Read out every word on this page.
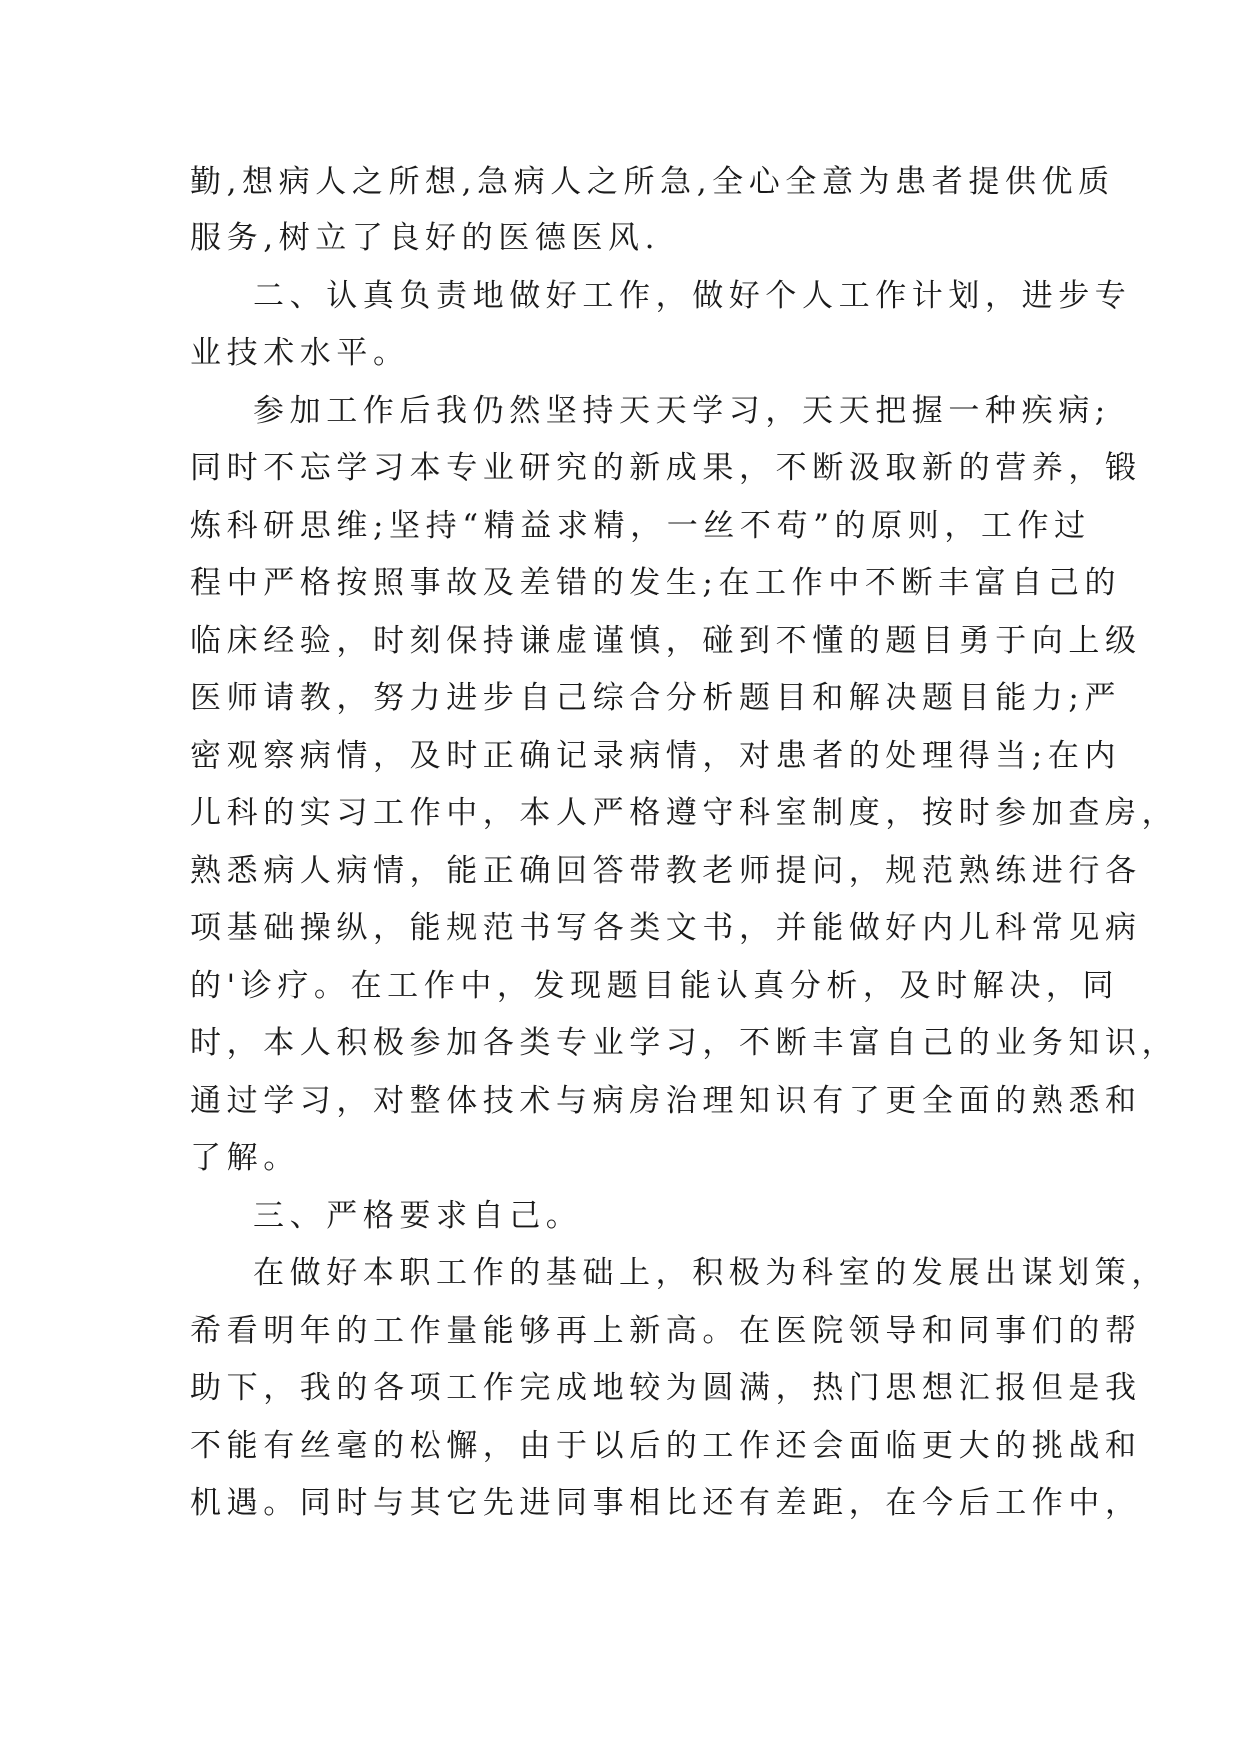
勤,想病人之所想,急病人之所急,全心全意为患者提供优质
服务,树立了良好的医德医风.
二、认真负责地做好工作，做好个人工作计划，进步专
业技术水平。
参加工作后我仍然坚持天天学习，天天把握一种疾病;
同时不忘学习本专业研究的新成果，不断汲取新的营养，锻
炼科研思维;坚持“精益求精，一丝不苟”的原则，工作过
程中严格按照事故及差错的发生;在工作中不断丰富自己的
临床经验，时刻保持谦虚谨慎，碰到不懂的题目勇于向上级
医师请教，努力进步自己综合分析题目和解决题目能力;严
密观察病情，及时正确记录病情，对患者的处理得当;在内
儿科的实习工作中，本人严格遵守科室制度，按时参加查房，
熟悉病人病情，能正确回答带教老师提问，规范熟练进行各
项基础操纵，能规范书写各类文书，并能做好内儿科常见病
的'诊疗。在工作中，发现题目能认真分析，及时解决，同
时，本人积极参加各类专业学习，不断丰富自己的业务知识，
通过学习，对整体技术与病房治理知识有了更全面的熟悉和
了解。
三、严格要求自己。
在做好本职工作的基础上，积极为科室的发展出谋划策，
希看明年的工作量能够再上新高。在医院领导和同事们的帮
助下，我的各项工作完成地较为圆满，热门思想汇报但是我
不能有丝毫的松懈，由于以后的工作还会面临更大的挑战和
机遇。同时与其它先进同事相比还有差距，在今后工作中，
